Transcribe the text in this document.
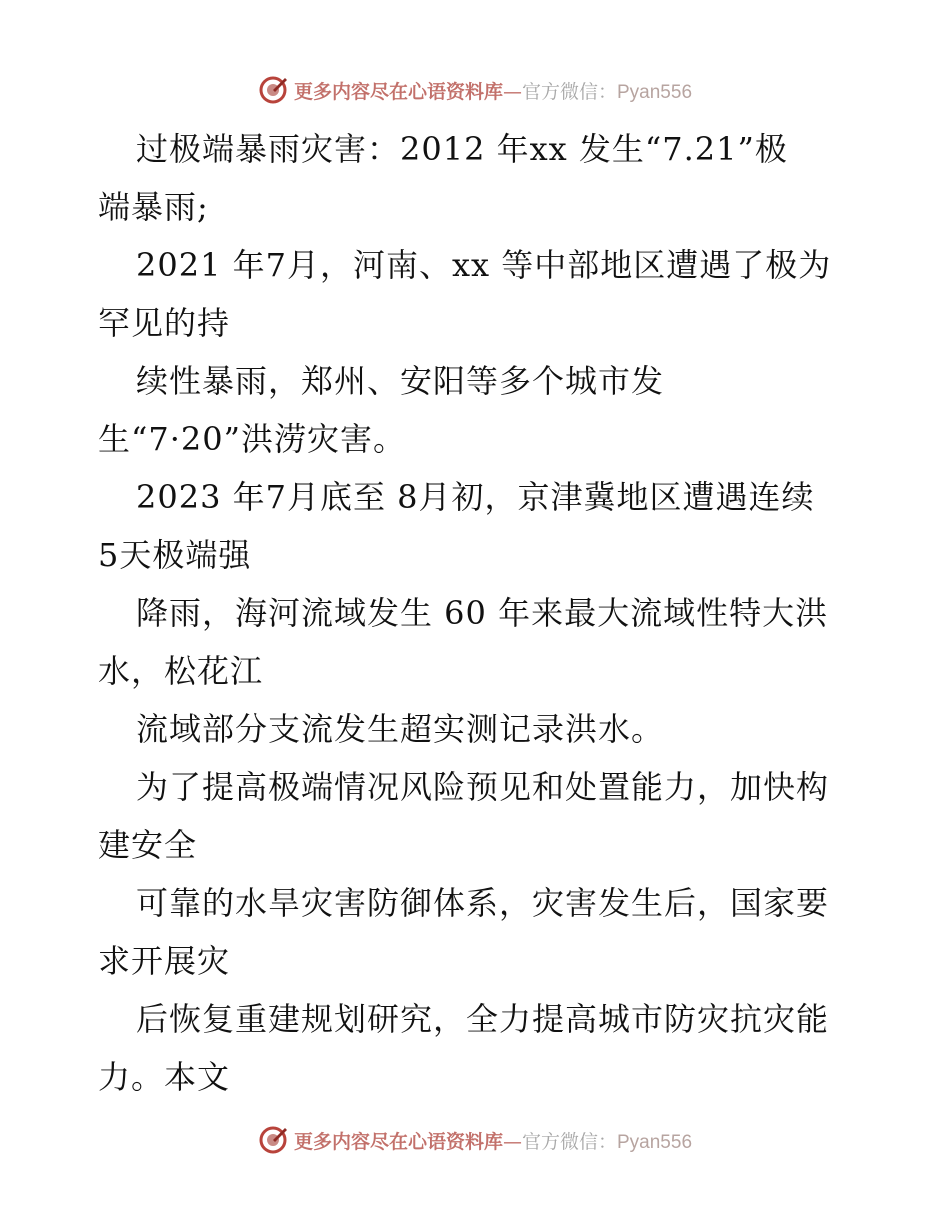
更多内容尽在心语资料库—官方微信：Pyan556
过极端暴雨灾害：2012 年xx 发生“7.21”极
端暴雨;
2021 年7月，河南、xx 等中部地区遭遇了极为
罕见的持
续性暴雨，郑州、安阳等多个城市发
生“7·20”洪涝灾害。
2023 年7月底至 8月初，京津冀地区遭遇连续
5天极端强
降雨，海河流域发生 60 年来最大流域性特大洪
水，松花江
流域部分支流发生超实测记录洪水。
为了提高极端情况风险预见和处置能力，加快构
建安全
可靠的水旱灾害防御体系，灾害发生后，国家要
求开展灾
后恢复重建规划研究，全力提高城市防灾抗灾能
力。本文
更多内容尽在心语资料库—官方微信：Pyan556
